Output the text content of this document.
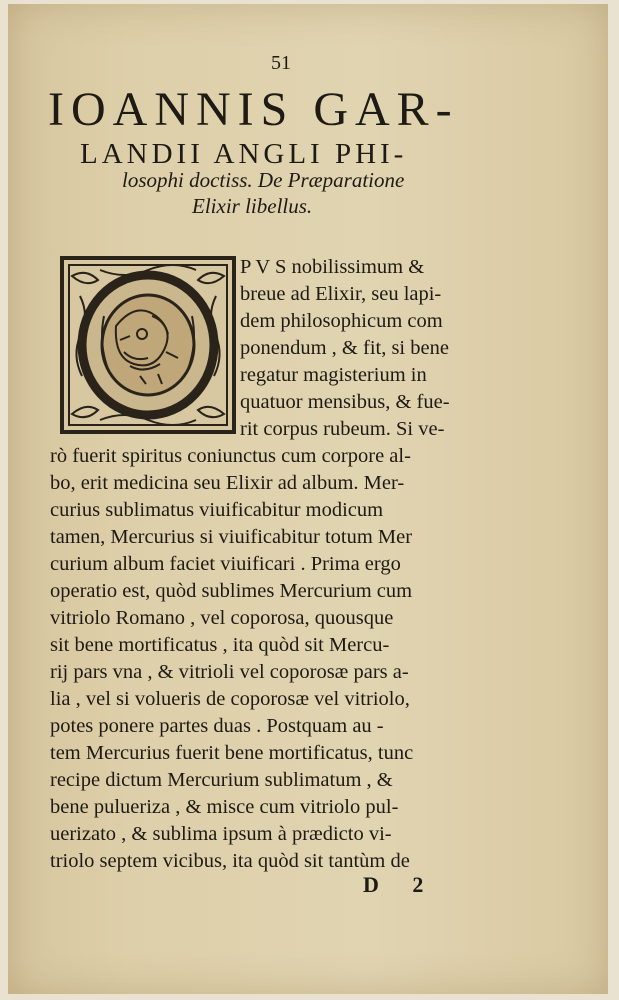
51
IOANNIS GAR-
LANDII ANGLI PHI-
losophi doctiss. De Præparatione
Elixir libellus.
P V S nobilissimum &
breue ad Elixir, seu lapi-
dem philosophicum com
ponendum , & fit, si bene
regatur magisterium in
quatuor mensibus, & fue-
rit corpus rubeum. Si ve-
rò fuerit spiritus coniunctus cum corpore al-
bo, erit medicina seu Elixir ad album. Mer-
curius sublimatus viuificabitur modicum
tamen, Mercurius si viuificabitur totum Mer
curium album faciet viuificari . Prima ergo
operatio est, quòd sublimes Mercurium cum
vitriolo Romano , vel coporosa, quousque
sit bene mortificatus , ita quòd sit Mercu-
rij pars vna , & vitrioli vel coporosæ pars a-
lia , vel si volueris de coporosæ vel vitriolo,
potes ponere partes duas . Postquam au -
tem Mercurius fuerit bene mortificatus, tunc
recipe dictum Mercurium sublimatum , &
bene pulueriza , & misce cum vitriolo pul-
uerizato , & sublima ipsum à prædicto vi-
triolo septem vicibus, ita quòd sit tantùm de
D 2
